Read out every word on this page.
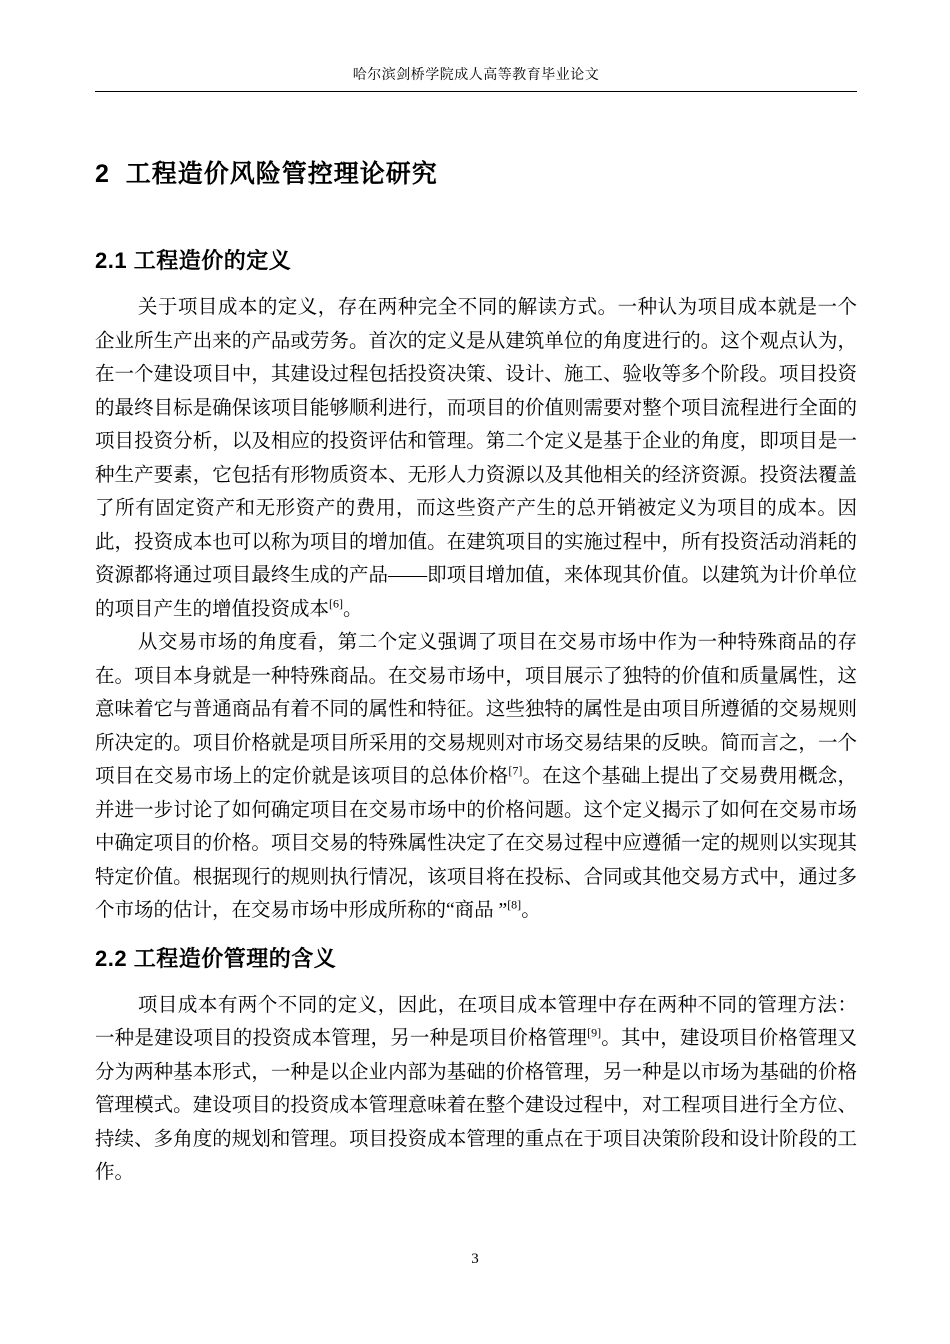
哈尔滨剑桥学院成人高等教育毕业论文
2  工程造价风险管控理论研究
2.1 工程造价的定义

关于项目成本的定义，存在两种完全不同的解读方式。一种认为项目成本就是一个企业所生产出来的产品或劳务。首次的定义是从建筑单位的角度进行的。这个观点认为，在一个建设项目中，其建设过程包括投资决策、设计、施工、验收等多个阶段。项目投资的最终目标是确保该项目能够顺利进行，而项目的价值则需要对整个项目流程进行全面的项目投资分析，以及相应的投资评估和管理。第二个定义是基于企业的角度，即项目是一种生产要素，它包括有形物质资本、无形人力资源以及其他相关的经济资源。投资法覆盖了所有固定资产和无形资产的费用，而这些资产产生的总开销被定义为项目的成本。因此，投资成本也可以称为项目的增加值。在建筑项目的实施过程中，所有投资活动消耗的资源都将通过项目最终生成的产品——即项目增加值，来体现其价值。以建筑为计价单位的项目产生的增值投资成本[6]。

从交易市场的角度看，第二个定义强调了项目在交易市场中作为一种特殊商品的存在。项目本身就是一种特殊商品。在交易市场中，项目展示了独特的价值和质量属性，这意味着它与普通商品有着不同的属性和特征。这些独特的属性是由项目所遵循的交易规则所决定的。项目价格就是项目所采用的交易规则对市场交易结果的反映。简而言之，一个项目在交易市场上的定价就是该项目的总体价格[7]。在这个基础上提出了交易费用概念，并进一步讨论了如何确定项目在交易市场中的价格问题。这个定义揭示了如何在交易市场中确定项目的价格。项目交易的特殊属性决定了在交易过程中应遵循一定的规则以实现其特定价值。根据现行的规则执行情况，该项目将在投标、合同或其他交易方式中，通过多个市场的估计，在交易市场中形成所称的“商品 ”[8]。

2.2 工程造价管理的含义

项目成本有两个不同的定义，因此，在项目成本管理中存在两种不同的管理方法：一种是建设项目的投资成本管理，另一种是项目价格管理[9]。其中，建设项目价格管理又分为两种基本形式，一种是以企业内部为基础的价格管理，另一种是以市场为基础的价格管理模式。建设项目的投资成本管理意味着在整个建设过程中，对工程项目进行全方位、持续、多角度的规划和管理。项目投资成本管理的重点在于项目决策阶段和设计阶段的工作。

3
